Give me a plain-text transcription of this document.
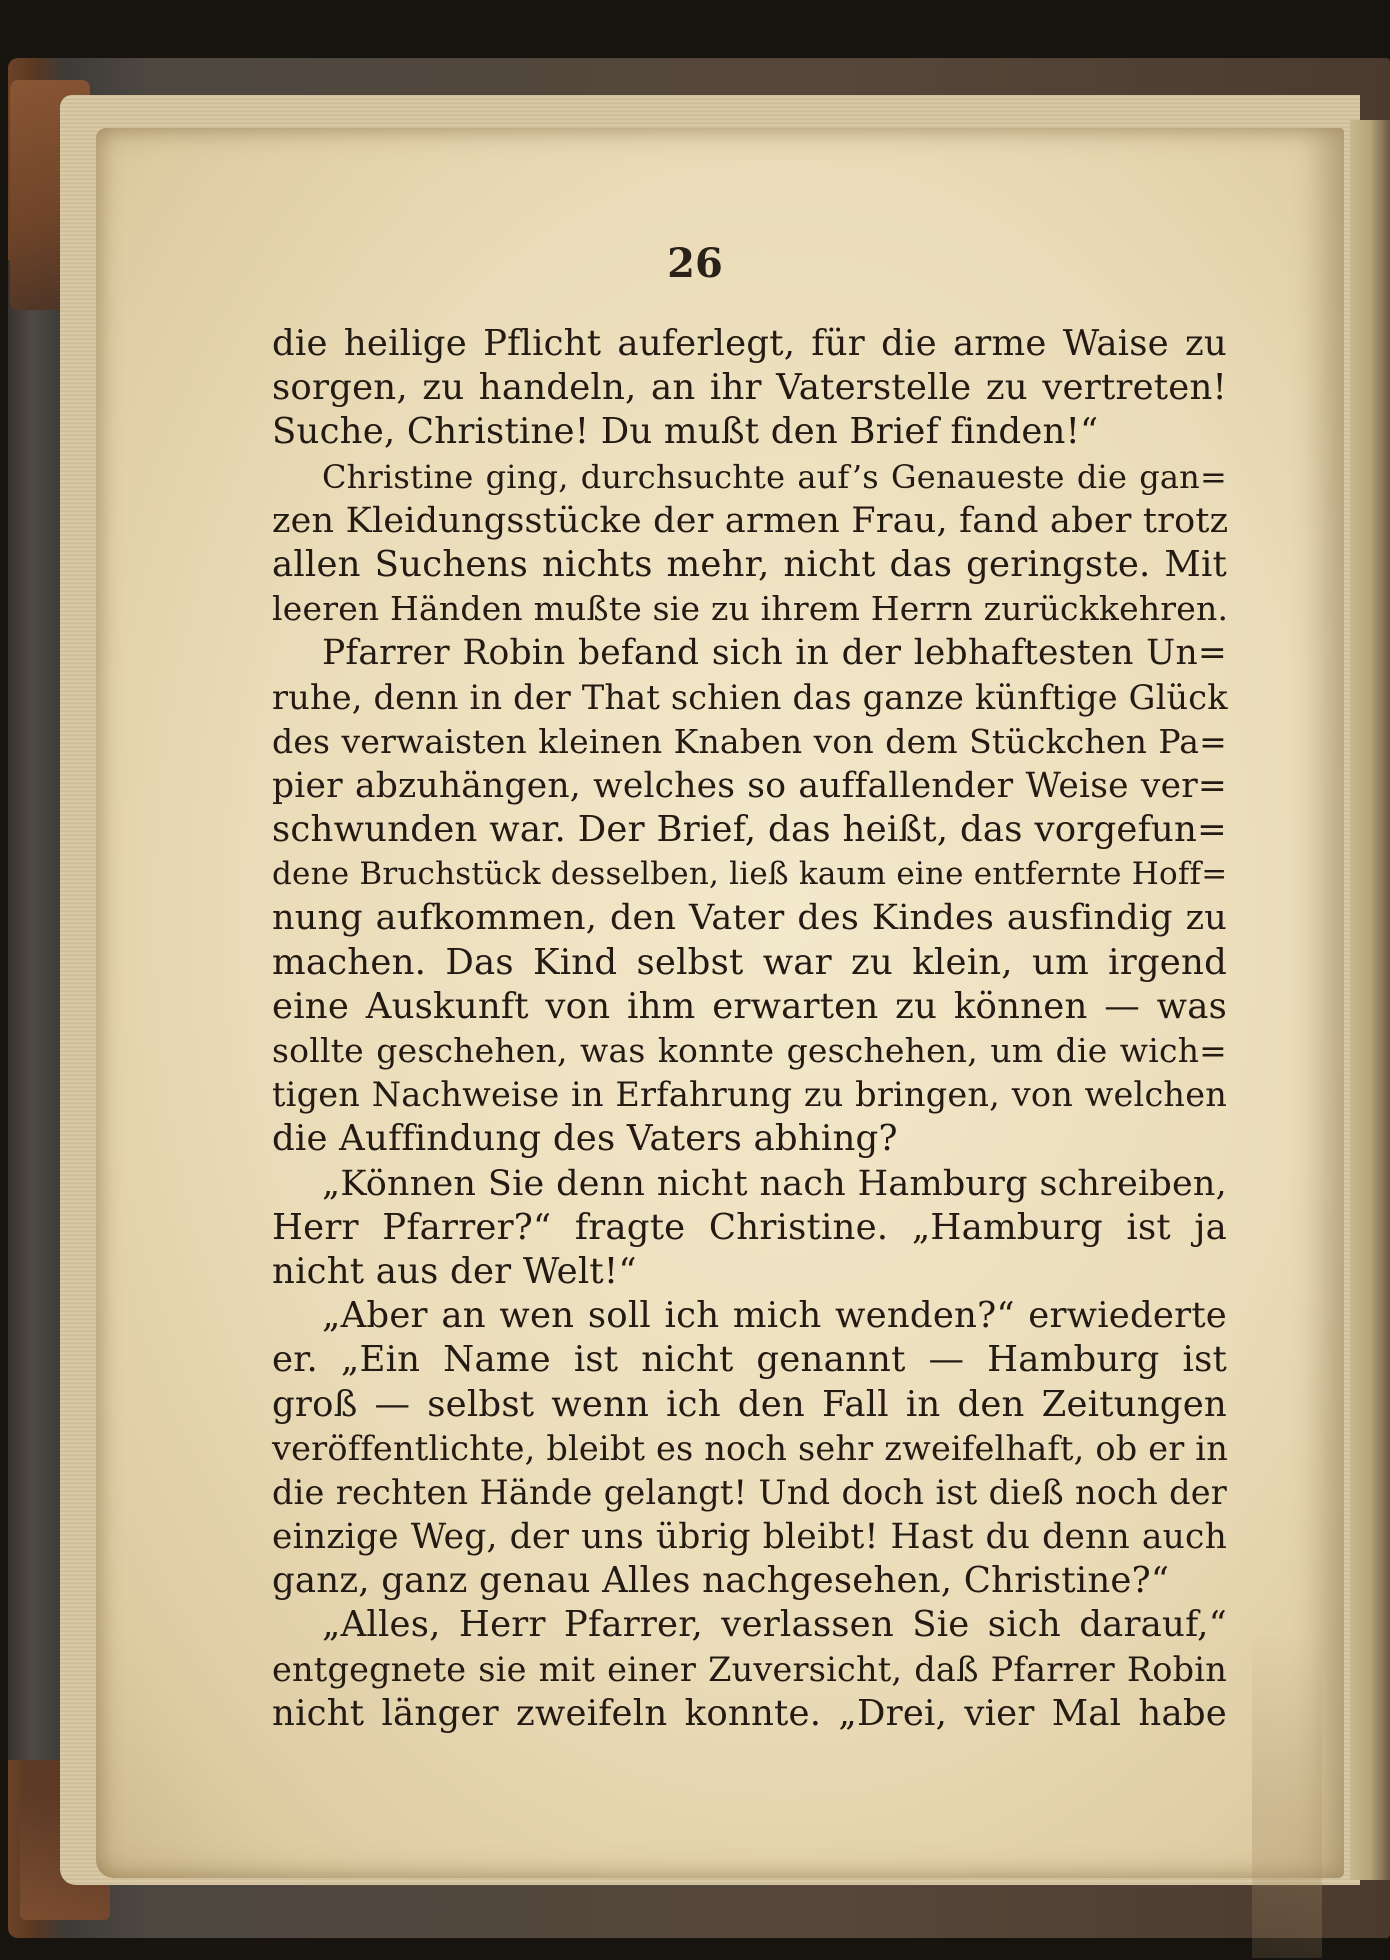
26
die heilige Pflicht auferlegt, für die arme Waise zu
sorgen, zu handeln, an ihr Vaterstelle zu vertreten!
Suche, Christine! Du mußt den Brief finden!“
Christine ging, durchsuchte auf’s Genaueste die gan=
zen Kleidungsstücke der armen Frau, fand aber trotz
allen Suchens nichts mehr, nicht das geringste. Mit
leeren Händen mußte sie zu ihrem Herrn zurückkehren.
Pfarrer Robin befand sich in der lebhaftesten Un=
ruhe, denn in der That schien das ganze künftige Glück
des verwaisten kleinen Knaben von dem Stückchen Pa=
pier abzuhängen, welches so auffallender Weise ver=
schwunden war. Der Brief, das heißt, das vorgefun=
dene Bruchstück desselben, ließ kaum eine entfernte Hoff=
nung aufkommen, den Vater des Kindes ausfindig zu
machen. Das Kind selbst war zu klein, um irgend
eine Auskunft von ihm erwarten zu können — was
sollte geschehen, was konnte geschehen, um die wich=
tigen Nachweise in Erfahrung zu bringen, von welchen
die Auffindung des Vaters abhing?
„Können Sie denn nicht nach Hamburg schreiben,
Herr Pfarrer?“ fragte Christine. „Hamburg ist ja
nicht aus der Welt!“
„Aber an wen soll ich mich wenden?“ erwiederte
er. „Ein Name ist nicht genannt — Hamburg ist
groß — selbst wenn ich den Fall in den Zeitungen
veröffentlichte, bleibt es noch sehr zweifelhaft, ob er in
die rechten Hände gelangt! Und doch ist dieß noch der
einzige Weg, der uns übrig bleibt! Hast du denn auch
ganz, ganz genau Alles nachgesehen, Christine?“
„Alles, Herr Pfarrer, verlassen Sie sich darauf,“
entgegnete sie mit einer Zuversicht, daß Pfarrer Robin
nicht länger zweifeln konnte. „Drei, vier Mal habe
